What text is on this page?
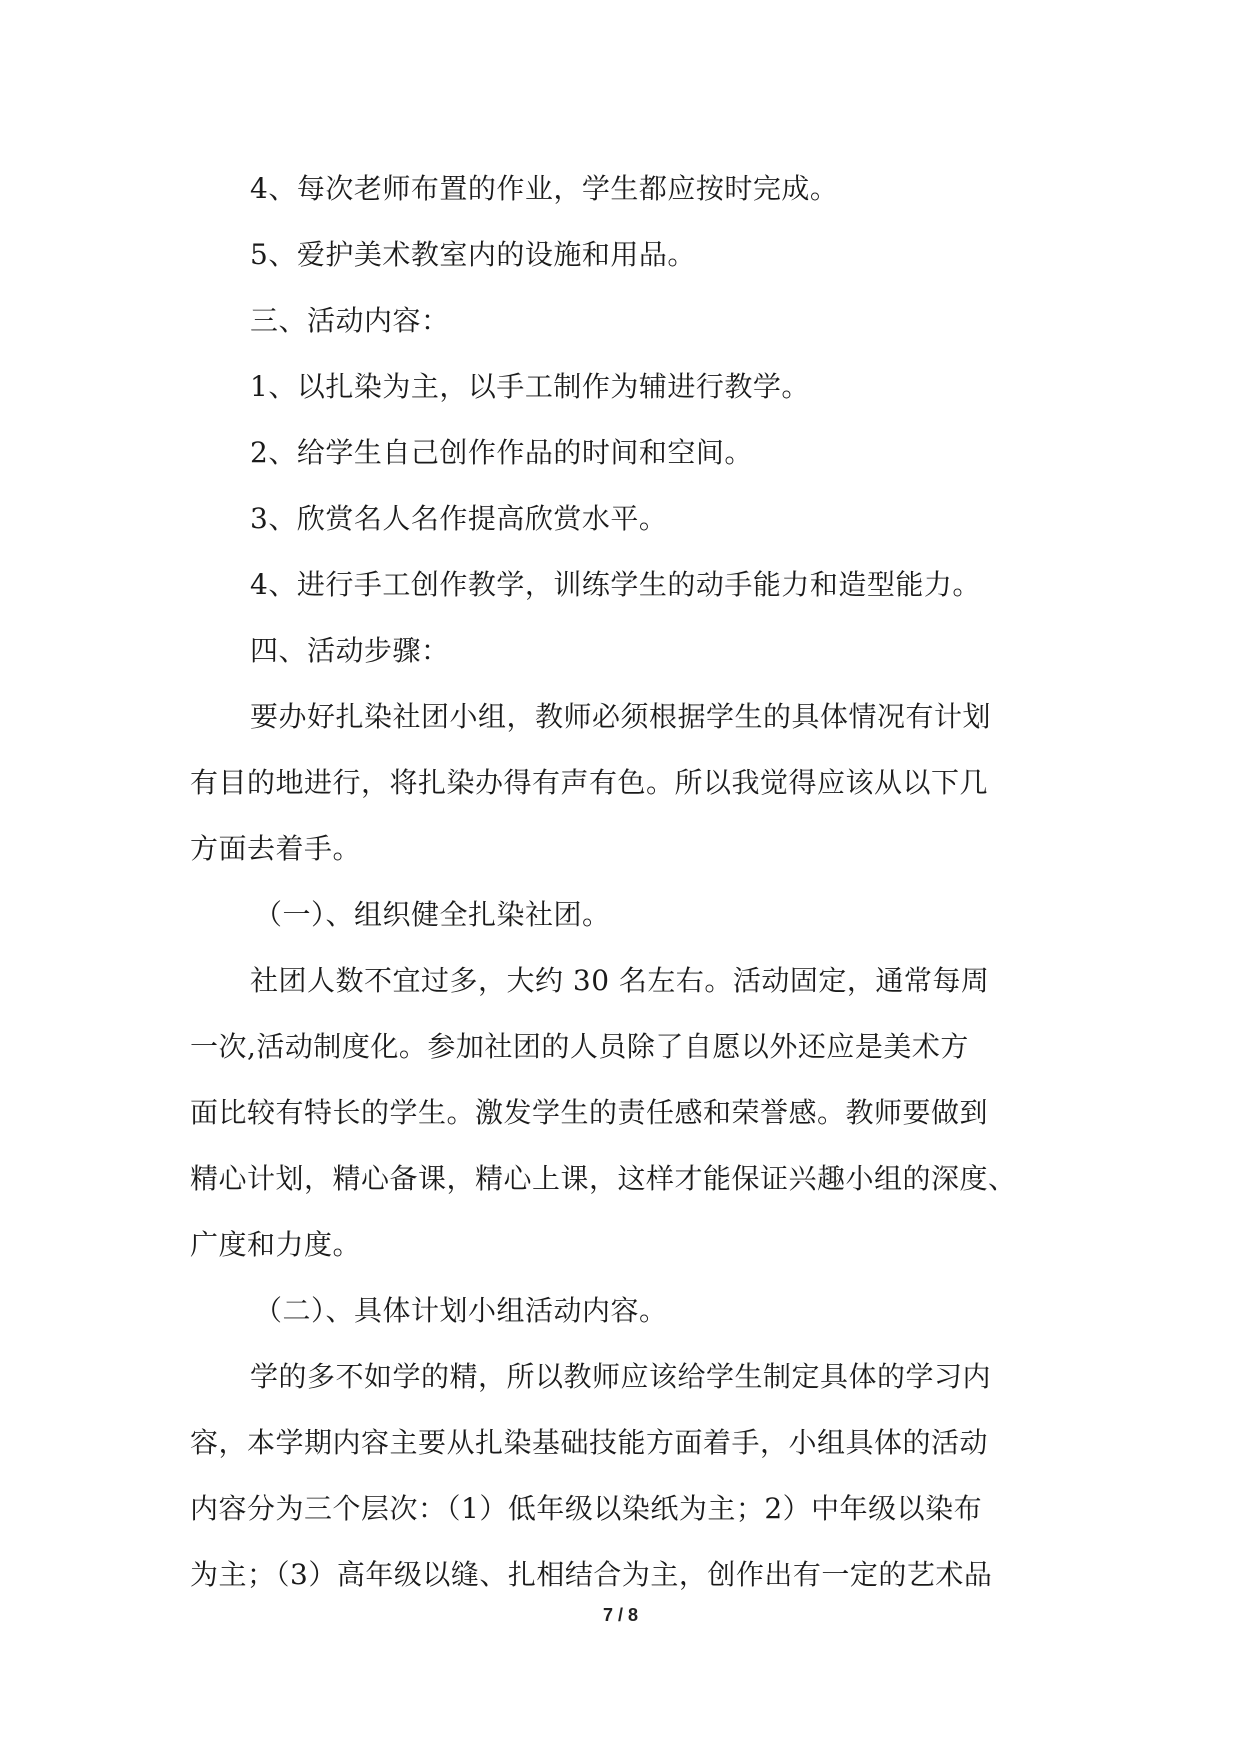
4、每次老师布置的作业，学生都应按时完成。
5、爱护美术教室内的设施和用品。
三、活动内容：
1、以扎染为主，以手工制作为辅进行教学。
2、给学生自己创作作品的时间和空间。
3、欣赏名人名作提高欣赏水平。
4、进行手工创作教学，训练学生的动手能力和造型能力。
四、活动步骤：
要办好扎染社团小组，教师必须根据学生的具体情况有计划
有目的地进行，将扎染办得有声有色。所以我觉得应该从以下几
方面去着手。
（一）、组织健全扎染社团。
社团人数不宜过多，大约 30 名左右。活动固定，通常每周
一次,活动制度化。参加社团的人员除了自愿以外还应是美术方
面比较有特长的学生。激发学生的责任感和荣誉感。教师要做到
精心计划，精心备课，精心上课，这样才能保证兴趣小组的深度、
广度和力度。
（二）、具体计划小组活动内容。
学的多不如学的精，所以教师应该给学生制定具体的学习内
容，本学期内容主要从扎染基础技能方面着手，小组具体的活动
内容分为三个层次：（1）低年级以染纸为主；2）中年级以染布
为主；（3）高年级以缝、扎相结合为主，创作出有一定的艺术品
7 / 8
